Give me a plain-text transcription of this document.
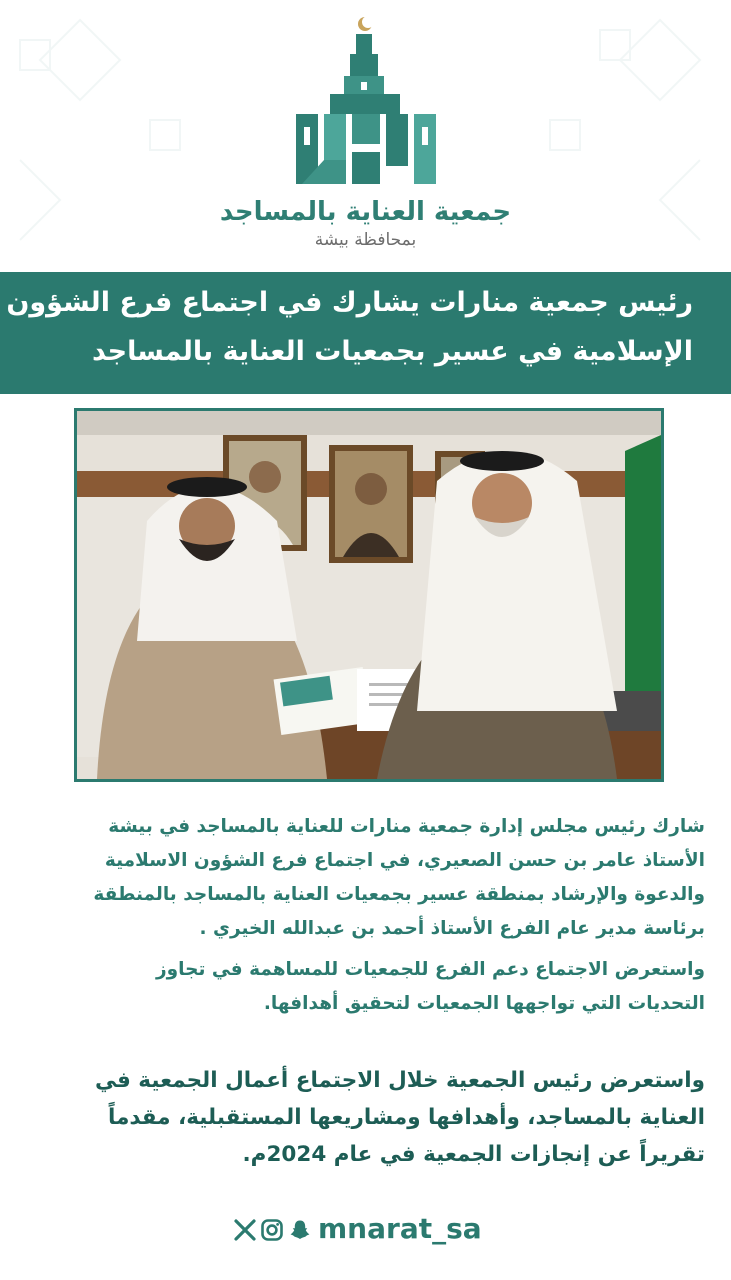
جمعية العناية بالمساجد
بمحافظة بيشة
رئيس جمعية منارات يشارك في اجتماع فرع الشؤون
الإسلامية في عسير بجمعيات العناية بالمساجد
شارك رئيس مجلس إدارة جمعية منارات للعناية بالمساجد في بيشة
الأستاذ عامر بن حسن الصعيري، في اجتماع فرع الشؤون الاسلامية
والدعوة والإرشاد بمنطقة عسير بجمعيات العناية بالمساجد بالمنطقة
برئاسة مدير عام الفرع الأستاذ أحمد بن عبدالله الخيري .
واستعرض الاجتماع دعم الفرع للجمعيات للمساهمة في تجاوز
التحديات التي تواجهها الجمعيات لتحقيق أهدافها.
واستعرض رئيس الجمعية خلال الاجتماع أعمال الجمعية في
العناية بالمساجد، وأهدافها ومشاريعها المستقبلية، مقدماً
تقريراً عن إنجازات الجمعية في عام 2024م.
mnarat_sa
